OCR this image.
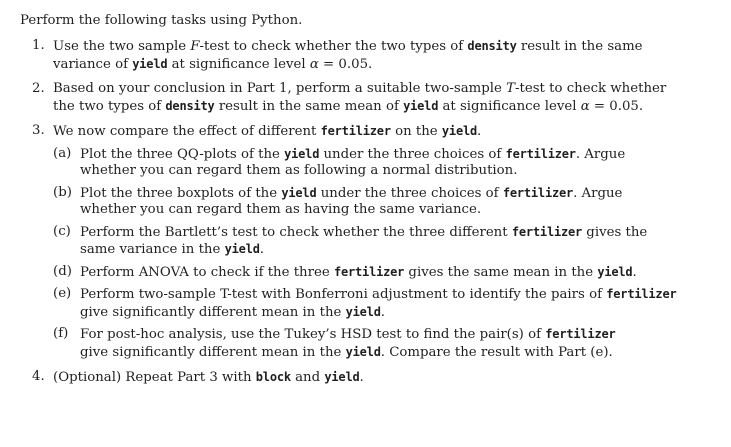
Perform the following tasks using Python.

1. Use the two sample F-test to check whether the two types of density result in the same
variance of yield at significance level α = 0.05.
2. Based on your conclusion in Part 1, perform a suitable two-sample T-test to check whether
the two types of density result in the same mean of yield at significance level α = 0.05.
3. We now compare the effect of different fertilizer on the yield.
(a) Plot the three QQ-plots of the yield under the three choices of fertilizer. Argue
whether you can regard them as following a normal distribution.
(b) Plot the three boxplots of the yield under the three choices of fertilizer. Argue
whether you can regard them as having the same variance.
(c) Perform the Bartlett’s test to check whether the three different fertilizer gives the
same variance in the yield.
(d) Perform ANOVA to check if the three fertilizer gives the same mean in the yield.
(e) Perform two-sample T-test with Bonferroni adjustment to identify the pairs of fertilizer
give significantly different mean in the yield.
(f) For post-hoc analysis, use the Tukey’s HSD test to find the pair(s) of fertilizer
give significantly different mean in the yield. Compare the result with Part (e).
4. (Optional) Repeat Part 3 with block and yield.
